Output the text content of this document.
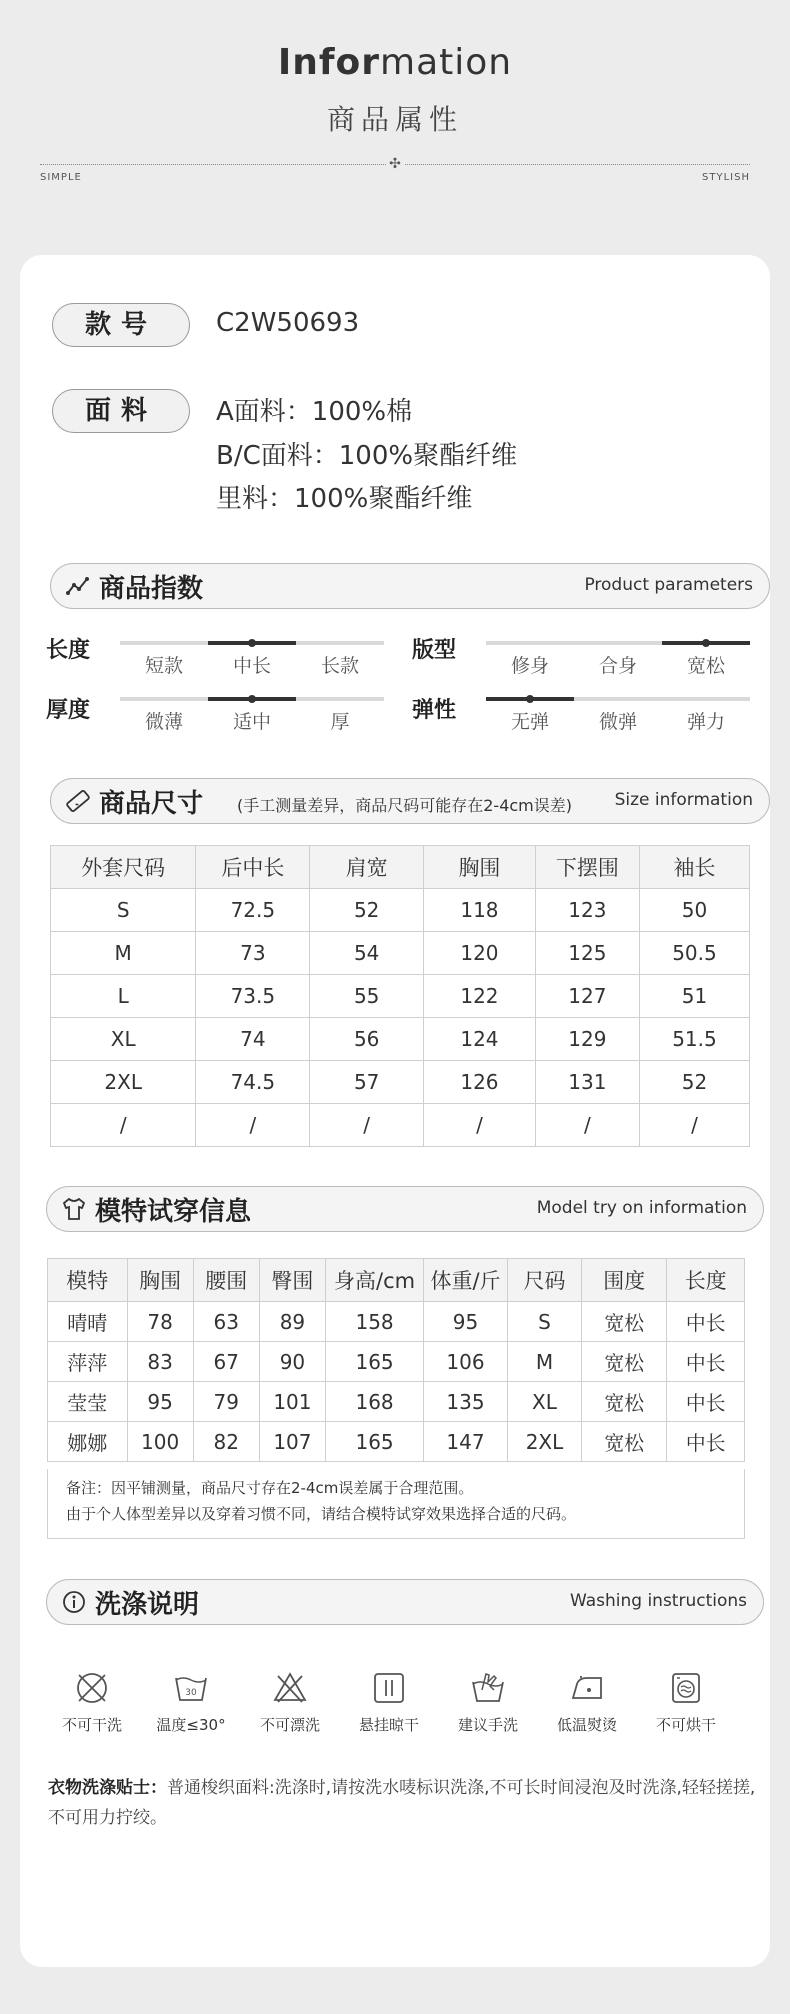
Information
商品属性
✣
SIMPLE	STYLISH
款号	C2W50693
面料	A面料：100%棉
B/C面料：100%聚酯纤维
里料：100%聚酯纤维
商品指数	Product parameters
长度
短款	中长	长款
版型
修身	合身	宽松
厚度	微薄	适中	厚	弹性	无弹	微弹	弹力
商品尺寸 (手工测量差异，商品尺码可能存在2-4cm误差)	Size information
外套尺码	后中长	肩宽	胸围	下摆围	袖长
S	72.5	52	118	123	50
M	73	54	120	125	50.5
L	73.5	55	122	127	51
XL	74	56	124	129	51.5
2XL	74.5	57	126	131	52
/	/	/	/	/	/
模特试穿信息	Model try on information
模特	胸围	腰围	臀围	身高/cm	体重/斤	尺码	围度	长度
晴晴	78	63	89	158	95	S	宽松	中长
萍萍	83	67	90	165	106	M	宽松	中长
莹莹	95	79	101	168	135	XL	宽松	中长
娜娜	100	82	107	165	147	2XL	宽松	中长
备注：因平铺测量，商品尺寸存在2-4cm误差属于合理范围。
由于个人体型差异以及穿着习惯不同，请结合模特试穿效果选择合适的尺码。
洗涤说明	Washing instructions
不可干洗
30
温度≤30°	不可漂洗	悬挂晾干	建议手洗	低温熨烫	不可烘干
衣物洗涤贴士：普通梭织面料:洗涤时,请按洗水唛标识洗涤,不可长时间浸泡及时洗涤,轻轻搓搓,不可用力拧绞。
